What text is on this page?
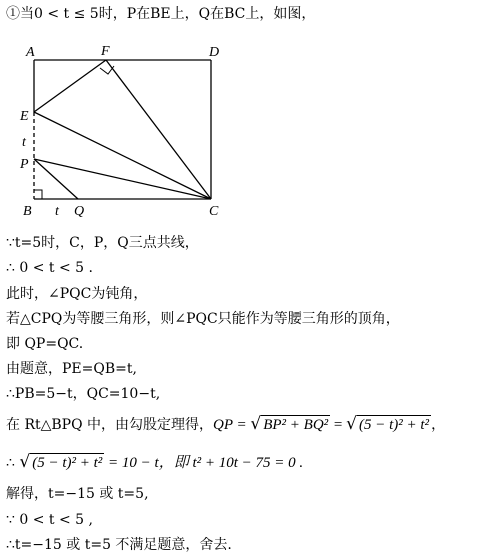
①当0 < t ≤ 5时，P在BE上，Q在BC上，如图，
A	F	D
E
t
P
B t Q	C
∵t=5时，C，P，Q三点共线，
∴ 0 < t < 5 .
此时，∠PQC为钝角，
若△CPQ为等腰三角形，则∠PQC只能作为等腰三角形的顶角，
即 QP=QC.
由题意，PE=QB=t,
∴PB=5−t，QC=10−t,
在 Rt△BPQ 中，由勾股定理得，QP = √ BP² + BQ² = √ (5 − t)² + t² ，
∴ √ (5 − t)² + t² = 10 − t，即 t² + 10t − 75 = 0 .
解得，t=−15 或 t=5,
∵ 0 < t < 5 ,
∴t=−15 或 t=5 不满足题意，舍去.
